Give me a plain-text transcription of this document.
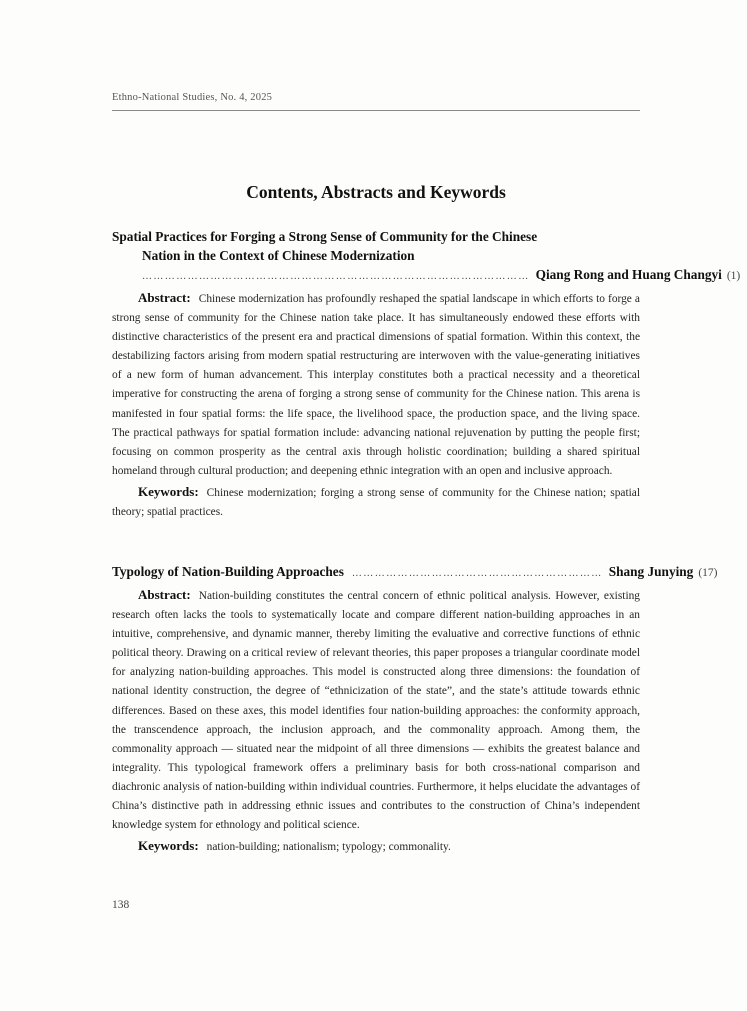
Ethno-National Studies, No. 4, 2025
Contents, Abstracts and Keywords
Spatial Practices for Forging a Strong Sense of Community for the Chinese
Nation in the Context of Chinese Modernization
………………………………………………………………………………………… Qiang Rong and Huang Changyi (1)

Abstract: Chinese modernization has profoundly reshaped the spatial landscape in which efforts to forge a strong sense of community for the Chinese nation take place. It has simultaneously endowed these efforts with distinctive characteristics of the present era and practical dimensions of spatial formation. Within this context, the destabilizing factors arising from modern spatial restructuring are interwoven with the value-generating initiatives of a new form of human advancement. This interplay constitutes both a practical necessity and a theoretical imperative for constructing the arena of forging a strong sense of community for the Chinese nation. This arena is manifested in four spatial forms: the life space, the livelihood space, the production space, and the living space. The practical pathways for spatial formation include: advancing national rejuvenation by putting the people first; focusing on common prosperity as the central axis through holistic coordination; building a shared spiritual homeland through cultural production; and deepening ethnic integration with an open and inclusive approach.

Keywords: Chinese modernization; forging a strong sense of community for the Chinese nation; spatial theory; spatial practices.

Typology of Nation-Building Approaches ………………………………………………………… Shang Junying (17)

Abstract: Nation-building constitutes the central concern of ethnic political analysis. However, existing research often lacks the tools to systematically locate and compare different nation-building approaches in an intuitive, comprehensive, and dynamic manner, thereby limiting the evaluative and corrective functions of ethnic political theory. Drawing on a critical review of relevant theories, this paper proposes a triangular coordinate model for analyzing nation-building approaches. This model is constructed along three dimensions: the foundation of national identity construction, the degree of “ethnicization of the state”, and the state’s attitude towards ethnic differences. Based on these axes, this model identifies four nation-building approaches: the conformity approach, the transcendence approach, the inclusion approach, and the commonality approach. Among them, the commonality approach — situated near the midpoint of all three dimensions — exhibits the greatest balance and integrality. This typological framework offers a preliminary basis for both cross-national comparison and diachronic analysis of nation-building within individual countries. Furthermore, it helps elucidate the advantages of China’s distinctive path in addressing ethnic issues and contributes to the construction of China’s independent knowledge system for ethnology and political science.

Keywords: nation-building; nationalism; typology; commonality.

138
